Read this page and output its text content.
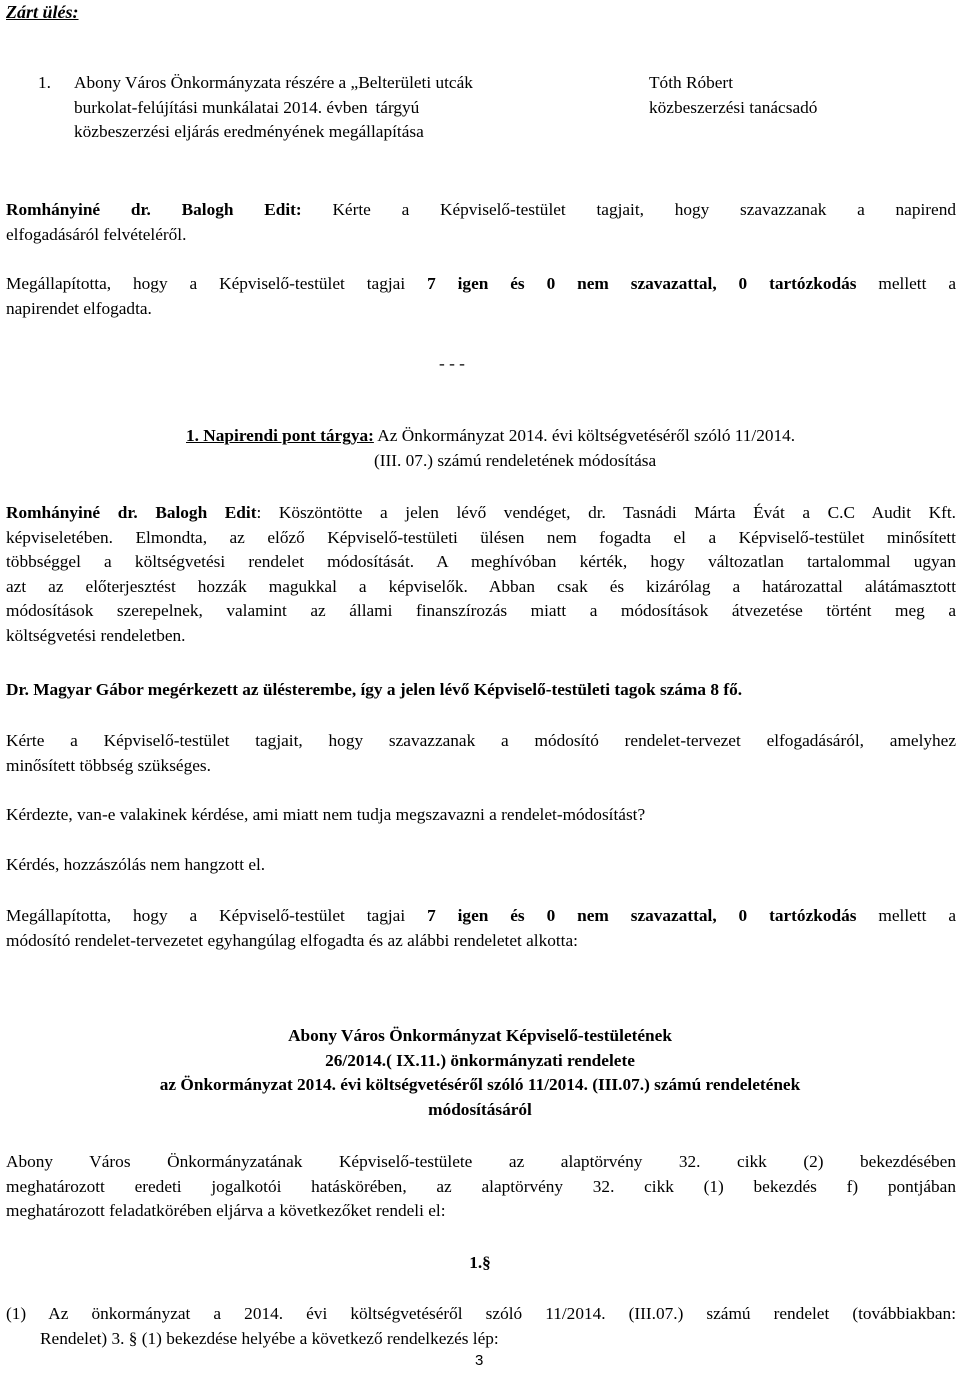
Zárt ülés:
1. Abony Város Önkormányzata részére a „Belterületi utcák
burkolat-felújítási munkálatai 2014. évben  tárgyú
közbeszerzési eljárás eredményének megállapítása
Tóth Róbert
közbeszerzési tanácsadó

Romhányiné dr. Balogh Edit: Kérte a Képviselő-testület tagjait, hogy szavazzanak a napirend

elfogadásáról felvételéről.

Megállapította, hogy a Képviselő-testület tagjai 7 igen és 0 nem szavazattal, 0 tartózkodás mellett a

napirendet elfogadta.

- - -
1. Napirendi pont tárgya: Az Önkormányzat 2014. évi költségvetéséről szóló 11/2014.
(III. 07.) számú rendeletének módosítása

Romhányiné dr. Balogh Edit: Köszöntötte a jelen lévő vendéget, dr. Tasnádi Márta Évát a C.C Audit Kft.

képviseletében. Elmondta, az előző Képviselő-testületi ülésen nem fogadta el a Képviselő-testület minősített

többséggel a költségvetési rendelet módosítását. A meghívóban kérték, hogy változatlan tartalommal ugyan

azt az előterjesztést hozzák magukkal a képviselők. Abban csak és kizárólag a határozattal alátámasztott

módosítások szerepelnek, valamint az állami finanszírozás miatt a módosítások átvezetése történt meg a

költségvetési rendeletben.

Dr. Magyar Gábor megérkezett az ülésterembe, így a jelen lévő Képviselő-testületi tagok száma 8 fő.

Kérte a Képviselő-testület tagjait, hogy szavazzanak a módosító rendelet-tervezet elfogadásáról, amelyhez

minősített többség szükséges.

Kérdezte, van-e valakinek kérdése, ami miatt nem tudja megszavazni a rendelet-módosítást?
Kérdés, hozzászólás nem hangzott el.

Megállapította, hogy a Képviselő-testület tagjai 7 igen és 0 nem szavazattal, 0 tartózkodás mellett a

módosító rendelet-tervezetet egyhangúlag elfogadta és az alábbi rendeletet alkotta:

Abony Város Önkormányzat Képviselő-testületének
26/2014.( IX.11.) önkormányzati rendelete
az Önkormányzat 2014. évi költségvetéséről szóló 11/2014. (III.07.) számú rendeletének
módosításáról

Abony Város Önkormányzatának Képviselő-testülete az alaptörvény 32. cikk (2) bekezdésében

meghatározott eredeti jogalkotói hatáskörében, az alaptörvény 32. cikk (1) bekezdés f) pontjában

meghatározott feladatkörében eljárva a következőket rendeli el:

1.§

(1) Az önkormányzat a 2014. évi költségvetéséről szóló 11/2014. (III.07.) számú rendelet (továbbiakban:

Rendelet) 3. § (1) bekezdése helyébe a következő rendelkezés lép:

3
